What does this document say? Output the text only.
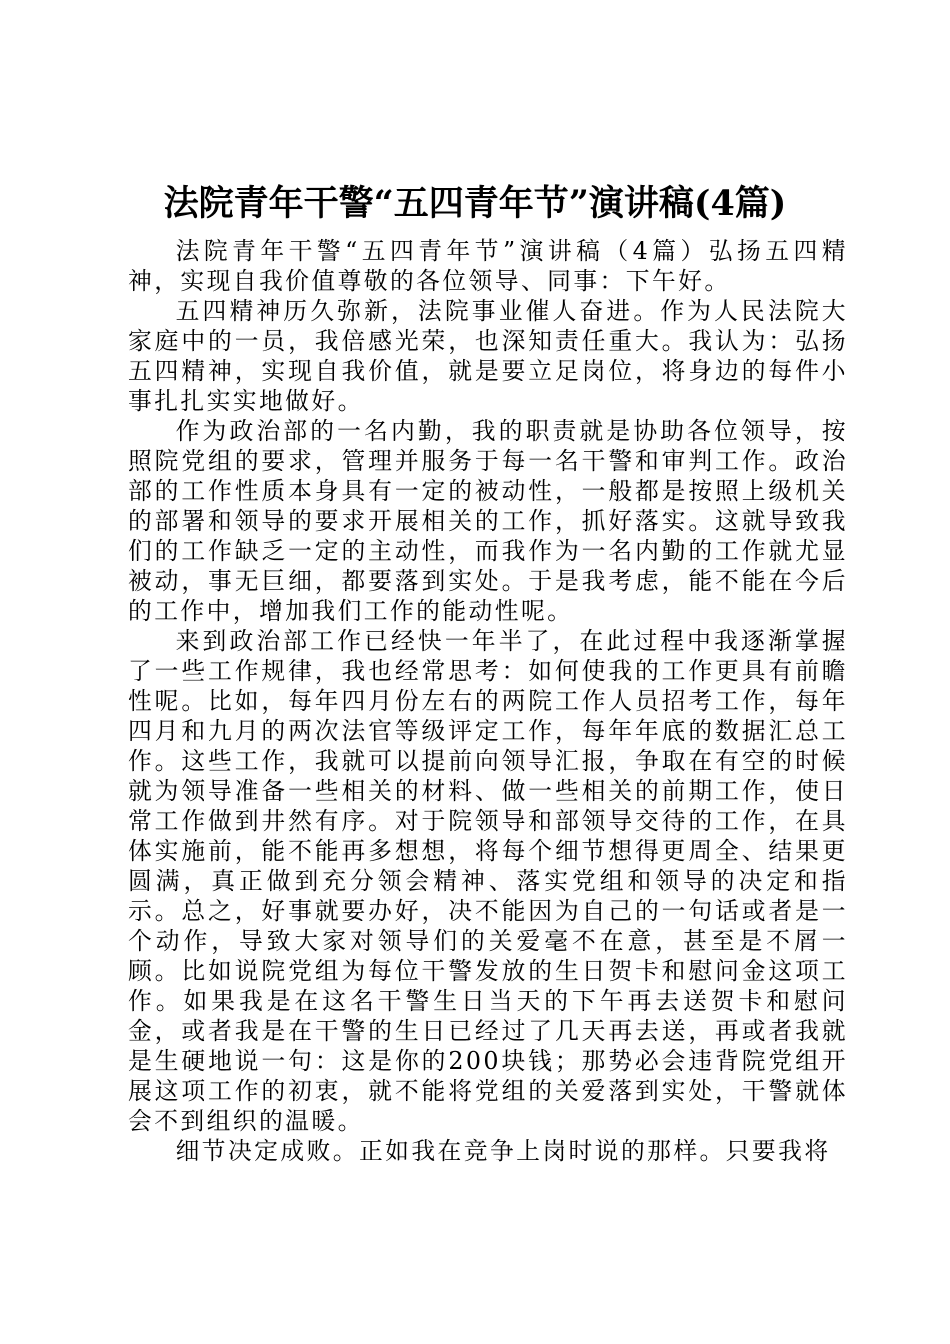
法院青年干警“五四青年节”演讲稿(4篇)

法院青年干警“五四青年节”演讲稿（4篇）弘扬五四精神，实现自我价值尊敬的各位领导、同事：下午好。

五四精神历久弥新，法院事业催人奋进。作为人民法院大家庭中的一员，我倍感光荣，也深知责任重大。我认为：弘扬五四精神，实现自我价值，就是要立足岗位，将身边的每件小事扎扎实实地做好。

作为政治部的一名内勤，我的职责就是协助各位领导，按照院党组的要求，管理并服务于每一名干警和审判工作。政治部的工作性质本身具有一定的被动性，一般都是按照上级机关的部署和领导的要求开展相关的工作，抓好落实。这就导致我们的工作缺乏一定的主动性，而我作为一名内勤的工作就尤显被动，事无巨细，都要落到实处。于是我考虑，能不能在今后的工作中，增加我们工作的能动性呢。

来到政治部工作已经快一年半了，在此过程中我逐渐掌握了一些工作规律，我也经常思考：如何使我的工作更具有前瞻性呢。比如，每年四月份左右的两院工作人员招考工作，每年四月和九月的两次法官等级评定工作，每年年底的数据汇总工作。这些工作，我就可以提前向领导汇报，争取在有空的时候就为领导准备一些相关的材料、做一些相关的前期工作，使日常工作做到井然有序。对于院领导和部领导交待的工作，在具体实施前，能不能再多想想，将每个细节想得更周全、结果更圆满，真正做到充分领会精神、落实党组和领导的决定和指示。总之，好事就要办好，决不能因为自己的一句话或者是一个动作，导致大家对领导们的关爱毫不在意，甚至是不屑一顾。比如说院党组为每位干警发放的生日贺卡和慰问金这项工作。如果我是在这名干警生日当天的下午再去送贺卡和慰问金，或者我是在干警的生日已经过了几天再去送，再或者我就是生硬地说一句：这是你的200块钱；那势必会违背院党组开展这项工作的初衷，就不能将党组的关爱落到实处，干警就体会不到组织的温暖。

细节决定成败。正如我在竞争上岗时说的那样。只要我将
